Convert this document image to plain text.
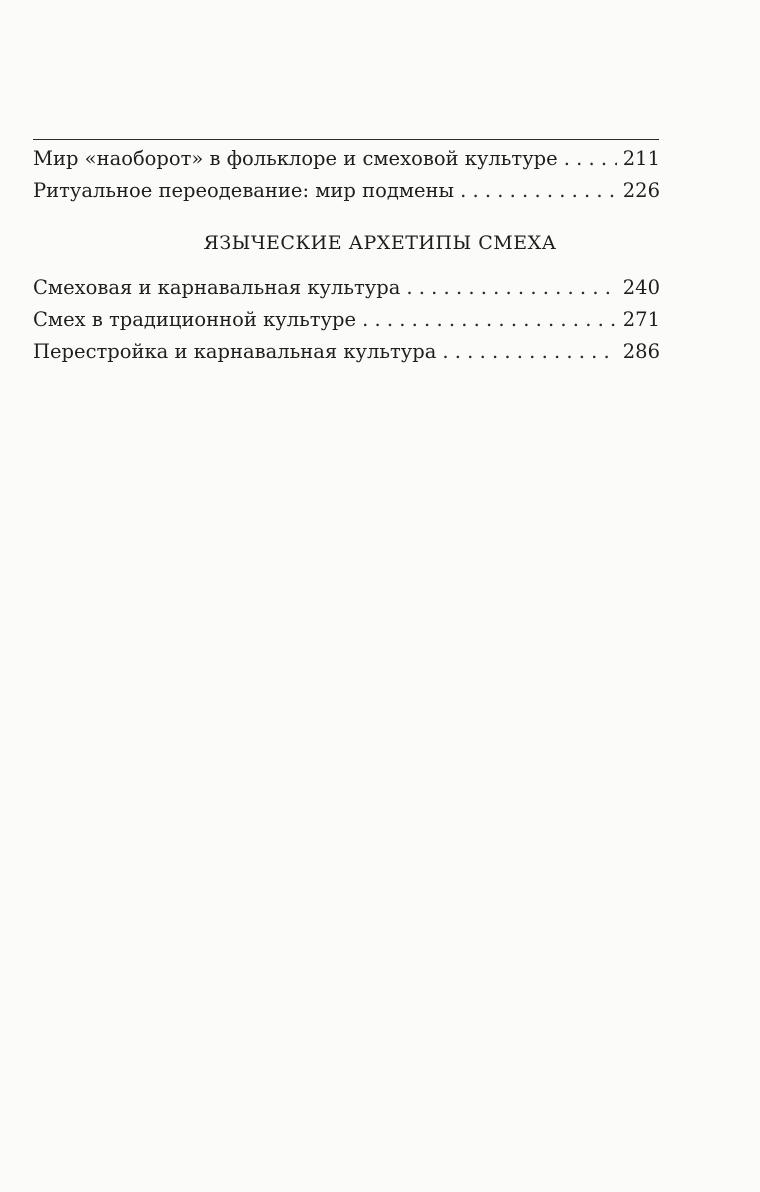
Мир «наоборот» в фольклоре и смеховой культуре . . .	211
Ритуальное переодевание: мир подмены . . .	226
ЯЗЫЧЕСКИЕ АРХЕТИПЫ СМЕХА
Смеховая и карнавальная культура . . .	240
Смех в традиционной культуре . . .	271
Перестройка и карнавальная культура . . .	286
